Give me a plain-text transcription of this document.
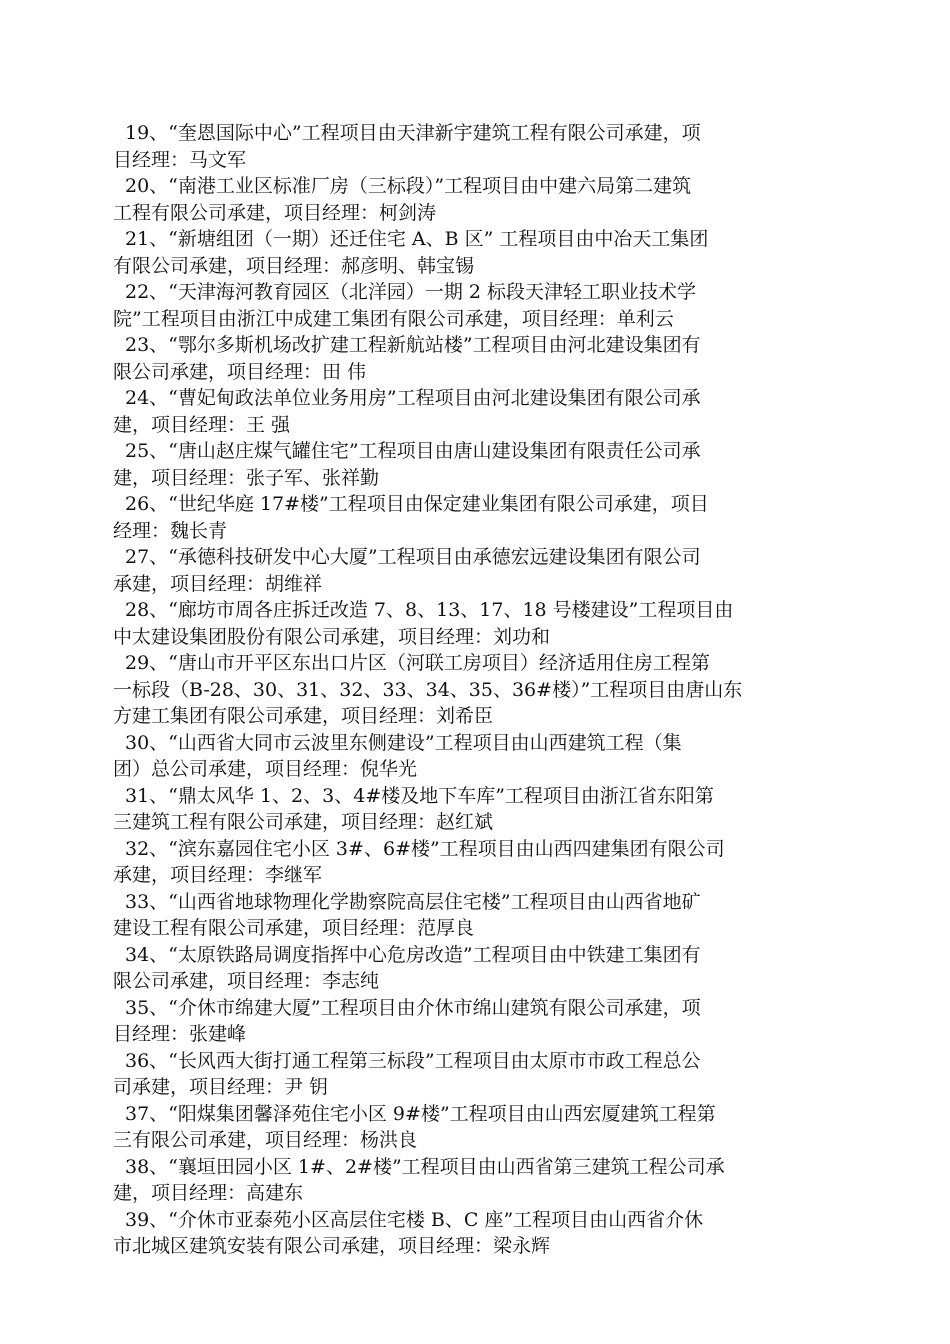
19、“奎恩国际中心”工程项目由天津新宇建筑工程有限公司承建，项
目经理：马文军

20、“南港工业区标准厂房（三标段）”工程项目由中建六局第二建筑
工程有限公司承建，项目经理：柯剑涛

21、“新塘组团（一期）还迁住宅 A、B 区” 工程项目由中冶天工集团
有限公司承建，项目经理：郝彦明、韩宝锡

22、“天津海河教育园区（北洋园）一期 2 标段天津轻工职业技术学
院”工程项目由浙江中成建工集团有限公司承建，项目经理：单利云

23、“鄂尔多斯机场改扩建工程新航站楼”工程项目由河北建设集团有
限公司承建，项目经理：田 伟

24、“曹妃甸政法单位业务用房”工程项目由河北建设集团有限公司承
建，项目经理：王 强

25、“唐山赵庄煤气罐住宅”工程项目由唐山建设集团有限责任公司承
建，项目经理：张子军、张祥勤

26、“世纪华庭 17#楼”工程项目由保定建业集团有限公司承建，项目
经理：魏长青

27、“承德科技研发中心大厦”工程项目由承德宏远建设集团有限公司
承建，项目经理：胡维祥

28、“廊坊市周各庄拆迁改造 7、8、13、17、18 号楼建设”工程项目由
中太建设集团股份有限公司承建，项目经理：刘功和

29、“唐山市开平区东出口片区（河联工房项目）经济适用住房工程第
一标段（B-28、30、31、32、33、34、35、36#楼）”工程项目由唐山东
方建工集团有限公司承建，项目经理：刘希臣

30、“山西省大同市云波里东侧建设”工程项目由山西建筑工程（集
团）总公司承建，项目经理：倪华光

31、“鼎太风华 1、2、3、4#楼及地下车库”工程项目由浙江省东阳第
三建筑工程有限公司承建，项目经理：赵红斌

32、“滨东嘉园住宅小区 3#、6#楼”工程项目由山西四建集团有限公司
承建，项目经理：李继军

33、“山西省地球物理化学勘察院高层住宅楼”工程项目由山西省地矿
建设工程有限公司承建，项目经理：范厚良

34、“太原铁路局调度指挥中心危房改造”工程项目由中铁建工集团有
限公司承建，项目经理：李志纯

35、“介休市绵建大厦”工程项目由介休市绵山建筑有限公司承建，项
目经理：张建峰

36、“长风西大街打通工程第三标段”工程项目由太原市市政工程总公
司承建，项目经理：尹 钥

37、“阳煤集团馨泽苑住宅小区 9#楼”工程项目由山西宏厦建筑工程第
三有限公司承建，项目经理：杨洪良

38、“襄垣田园小区 1#、2#楼”工程项目由山西省第三建筑工程公司承
建，项目经理：高建东

39、“介休市亚泰苑小区高层住宅楼 B、C 座”工程项目由山西省介休
市北城区建筑安装有限公司承建，项目经理：梁永辉
